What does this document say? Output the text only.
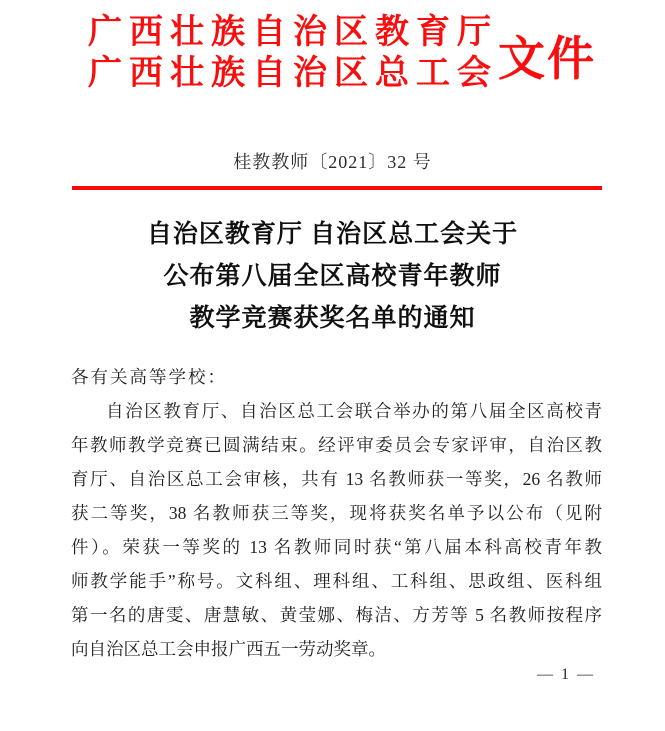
广西壮族自治区教育厅
广西壮族自治区总工会 文件
桂教教师〔2021〕32 号
自治区教育厅 自治区总工会关于
公布第八届全区高校青年教师
教学竞赛获奖名单的通知
各有关高等学校：
自治区教育厅、自治区总工会联合举办的第八届全区高校青
年教师教学竞赛已圆满结束。经评审委员会专家评审，自治区教
育厅、自治区总工会审核，共有 13 名教师获一等奖，26 名教师
获二等奖，38 名教师获三等奖，现将获奖名单予以公布（见附
件）。荣获一等奖的 13 名教师同时获“第八届本科高校青年教
师教学能手”称号。文科组、理科组、工科组、思政组、医科组
第一名的唐雯、唐慧敏、黄莹娜、梅洁、方芳等 5 名教师按程序
向自治区总工会申报广西五一劳动奖章。
— 1 —
